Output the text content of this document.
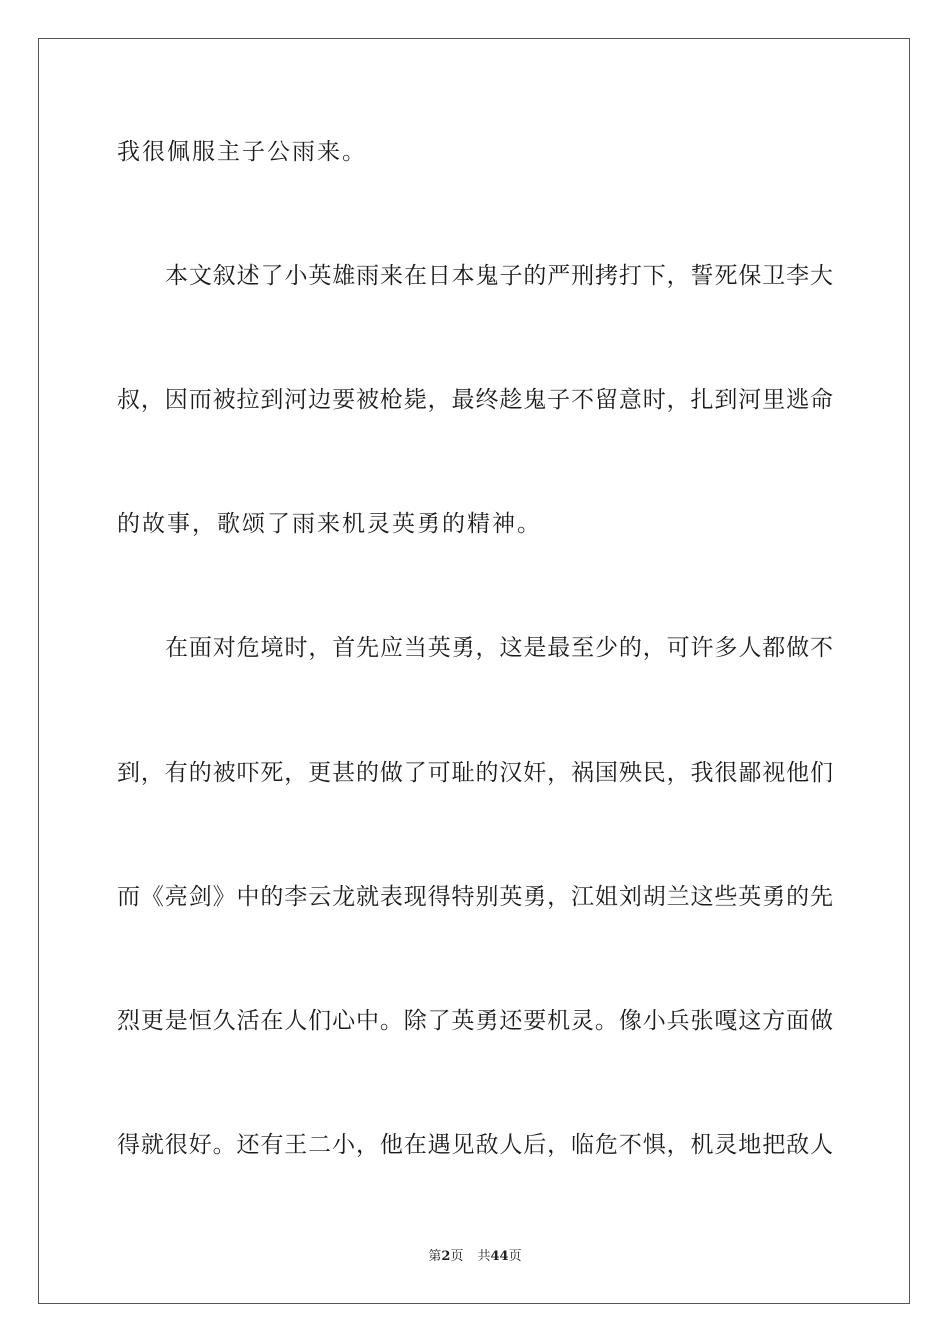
我很佩服主子公雨来。
本文叙述了小英雄雨来在日本鬼子的严刑拷打下，誓死保卫李大
叔，因而被拉到河边要被枪毙，最终趁鬼子不留意时，扎到河里逃命
的故事，歌颂了雨来机灵英勇的精神。
在面对危境时，首先应当英勇，这是最至少的，可许多人都做不
到，有的被吓死，更甚的做了可耻的汉奸，祸国殃民，我很鄙视他们
而《亮剑》中的李云龙就表现得特别英勇，江姐刘胡兰这些英勇的先
烈更是恒久活在人们心中。除了英勇还要机灵。像小兵张嘎这方面做
得就很好。还有王二小，他在遇见敌人后，临危不惧，机灵地把敌人
第2页 共44页
